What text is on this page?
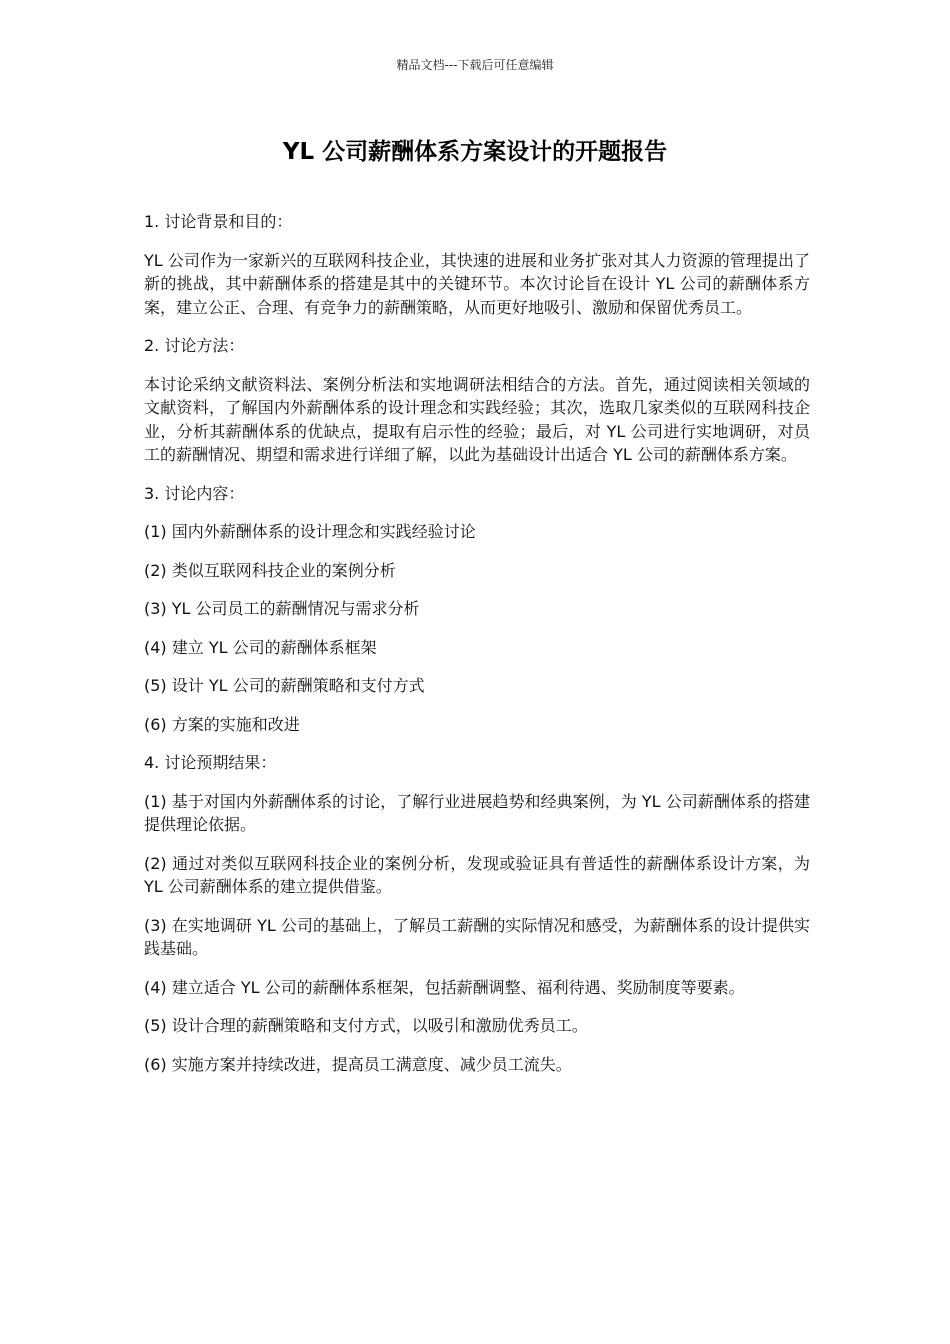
精品文档---下载后可任意编辑
YL 公司薪酬体系方案设计的开题报告

1. 讨论背景和目的：

YL 公司作为一家新兴的互联网科技企业，其快速的进展和业务扩张对其人力资源的管理提出了新的挑战，其中薪酬体系的搭建是其中的关键环节。本次讨论旨在设计 YL 公司的薪酬体系方案，建立公正、合理、有竞争力的薪酬策略，从而更好地吸引、激励和保留优秀员工。

2. 讨论方法：

本讨论采纳文献资料法、案例分析法和实地调研法相结合的方法。首先，通过阅读相关领域的文献资料，了解国内外薪酬体系的设计理念和实践经验；其次，选取几家类似的互联网科技企业，分析其薪酬体系的优缺点，提取有启示性的经验；最后，对 YL 公司进行实地调研，对员工的薪酬情况、期望和需求进行详细了解，以此为基础设计出适合 YL 公司的薪酬体系方案。

3. 讨论内容：

(1) 国内外薪酬体系的设计理念和实践经验讨论

(2) 类似互联网科技企业的案例分析

(3) YL 公司员工的薪酬情况与需求分析

(4) 建立 YL 公司的薪酬体系框架

(5) 设计 YL 公司的薪酬策略和支付方式

(6) 方案的实施和改进

4. 讨论预期结果：

(1) 基于对国内外薪酬体系的讨论，了解行业进展趋势和经典案例，为 YL 公司薪酬体系的搭建提供理论依据。

(2) 通过对类似互联网科技企业的案例分析，发现或验证具有普适性的薪酬体系设计方案，为 YL 公司薪酬体系的建立提供借鉴。

(3) 在实地调研 YL 公司的基础上，了解员工薪酬的实际情况和感受，为薪酬体系的设计提供实践基础。

(4) 建立适合 YL 公司的薪酬体系框架，包括薪酬调整、福利待遇、奖励制度等要素。

(5) 设计合理的薪酬策略和支付方式，以吸引和激励优秀员工。

(6) 实施方案并持续改进，提高员工满意度、减少员工流失。
